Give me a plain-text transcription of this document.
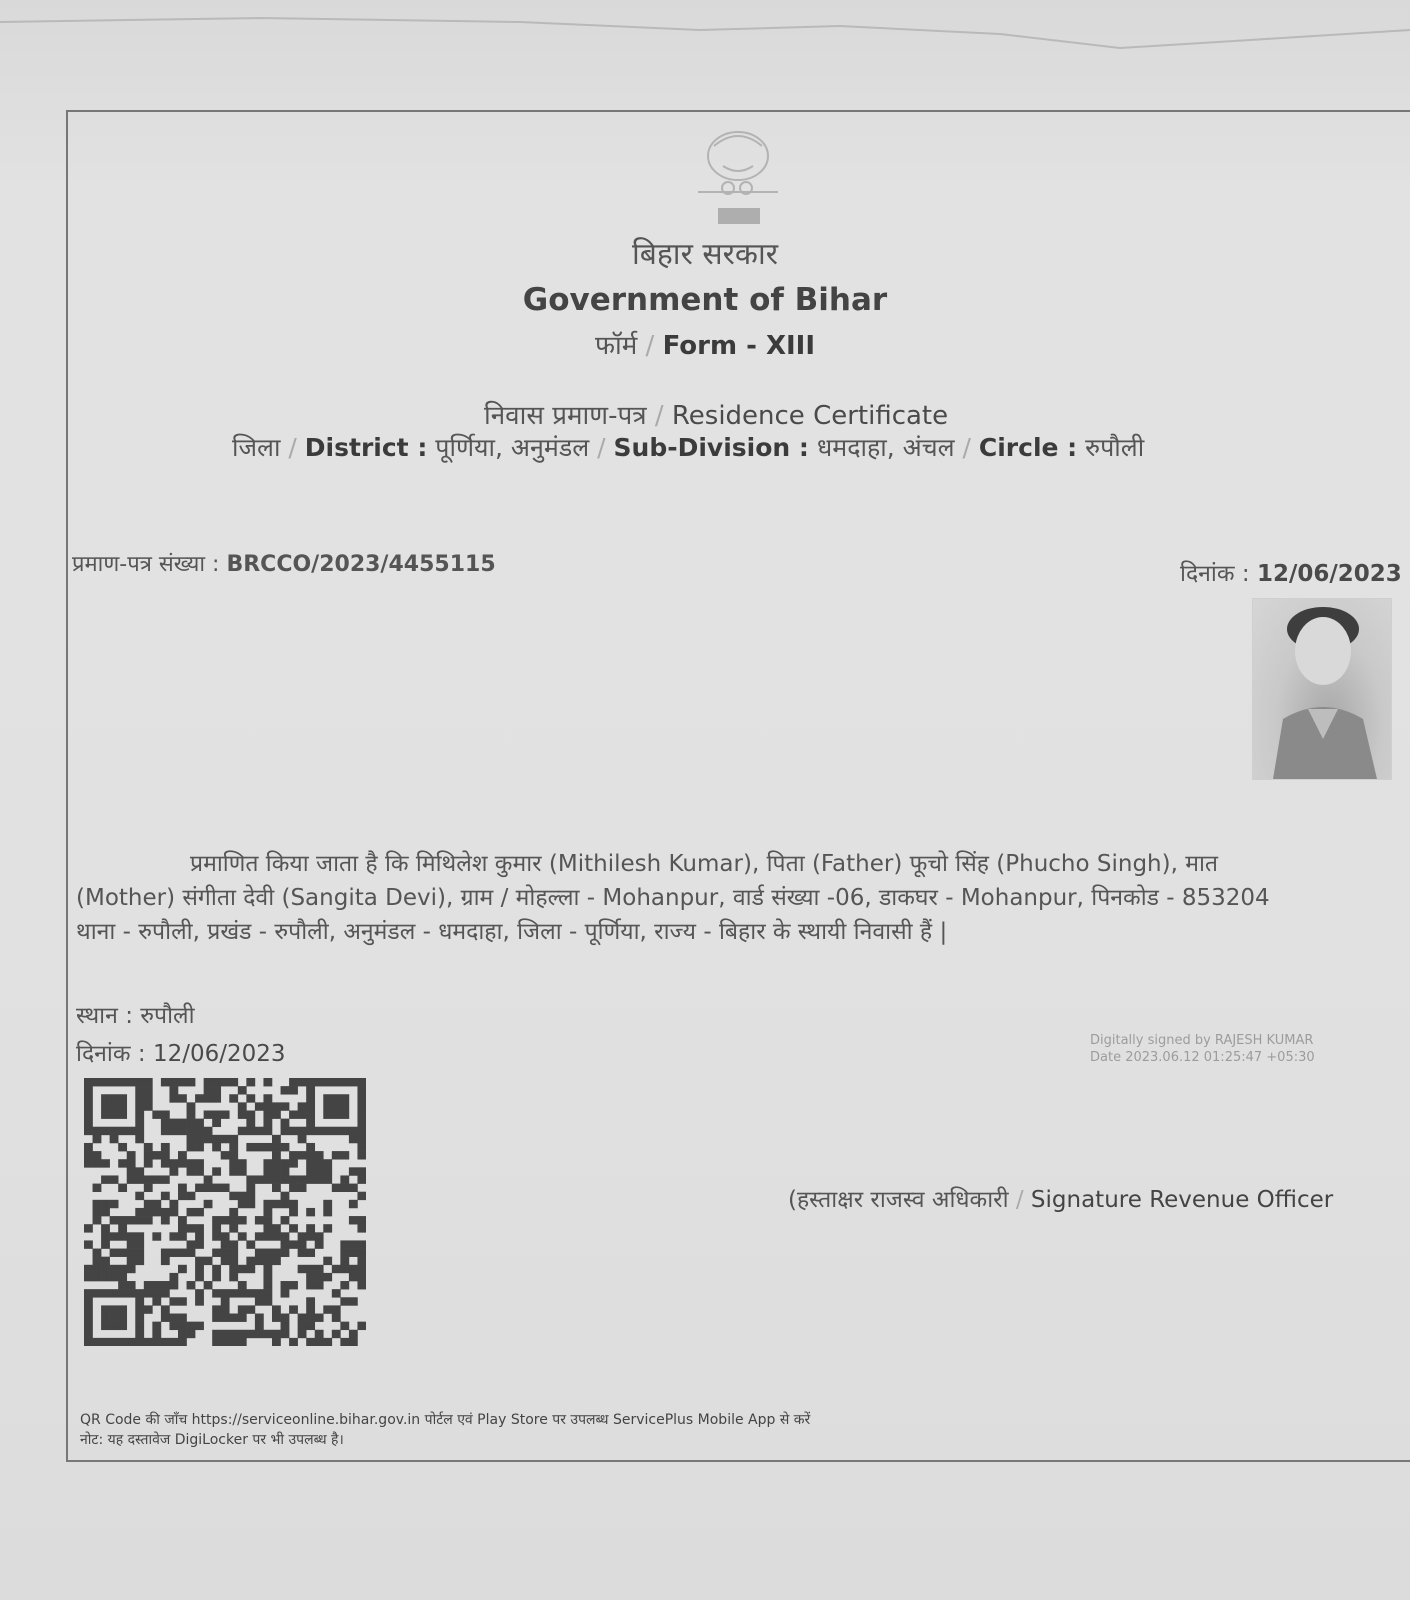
बिहार सरकार
Government of Bihar
फॉर्म / Form - XIII
निवास प्रमाण-पत्र / Residence Certificate
जिला / District : पूर्णिया, अनुमंडल / Sub-Division : धमदाहा, अंचल / Circle : रुपौली
प्रमाण-पत्र संख्या : BRCCO/2023/4455115	दिनांक : 12/06/2023
प्रमाणित किया जाता है कि मिथिलेश कुमार (Mithilesh Kumar), पिता (Father) फूचो सिंह (Phucho Singh), मात
(Mother) संगीता देवी (Sangita Devi), ग्राम / मोहल्ला - Mohanpur, वार्ड संख्या -06, डाकघर - Mohanpur, पिनकोड - 853204
थाना - रुपौली, प्रखंड - रुपौली, अनुमंडल - धमदाहा, जिला - पूर्णिया, राज्य - बिहार के स्थायी निवासी हैं |
स्थान : रुपौली
दिनांक : 12/06/2023
Digitally signed by RAJESH KUMAR
Date 2023.06.12 01:25:47 +05:30
(हस्ताक्षर राजस्व अधिकारी / Signature Revenue Officer
QR Code की जाँच https://serviceonline.bihar.gov.in पोर्टल एवं Play Store पर उपलब्ध ServicePlus Mobile App से करें
नोट: यह दस्तावेज DigiLocker पर भी उपलब्ध है।
